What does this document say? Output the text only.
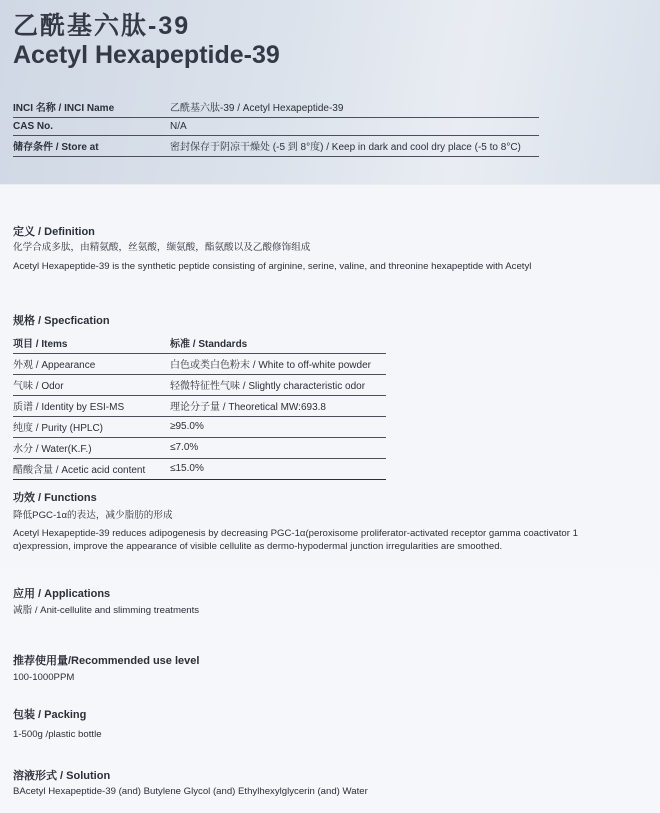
乙酰基六肽-39
Acetyl Hexapeptide-39
INCI 名称 / INCI Name	乙酰基六肽-39 / Acetyl Hexapeptide-39
CAS No.	N/A
储存条件 / Store at	密封保存于阴凉干燥处 (-5 到 8°度) / Keep in dark and cool dry place (-5 to 8°C)
定义 / Definition
化学合成多肽，由精氨酸，丝氨酸，缬氨酸，酯氨酸以及乙酸修饰组成
Acetyl Hexapeptide-39 is the synthetic peptide consisting of arginine, serine, valine, and threonine hexapeptide with Acetyl
规格 / Specfication
项目 / Items	标准 / Standards
外观 / Appearance	白色或类白色粉末 / White to off-white powder
气味 / Odor	轻微特征性气味 / Slightly characteristic odor
质谱 / Identity by ESI-MS	理论分子量 / Theoretical MW:693.8
纯度 / Purity (HPLC)	≥95.0%
水分 / Water(K.F.)	≤7.0%
醋酸含量 / Acetic acid content	≤15.0%
功效 / Functions
降低PGC-1α的表达，减少脂肪的形成
Acetyl Hexapeptide-39 reduces adipogenesis by decreasing PGC-1α(peroxisome proliferator-activated receptor gamma coactivator 1
α)expression, improve the appearance of visible cellulite as dermo-hypodermal junction irregularities are smoothed.
应用 / Applications
减脂 / Anit-cellulite and slimming treatments
推荐使用量/Recommended use level
100-1000PPM
包装 / Packing
1-500g /plastic bottle
溶液形式 / Solution
BAcetyl Hexapeptide-39 (and) Butylene Glycol (and) Ethylhexylglycerin (and) Water
